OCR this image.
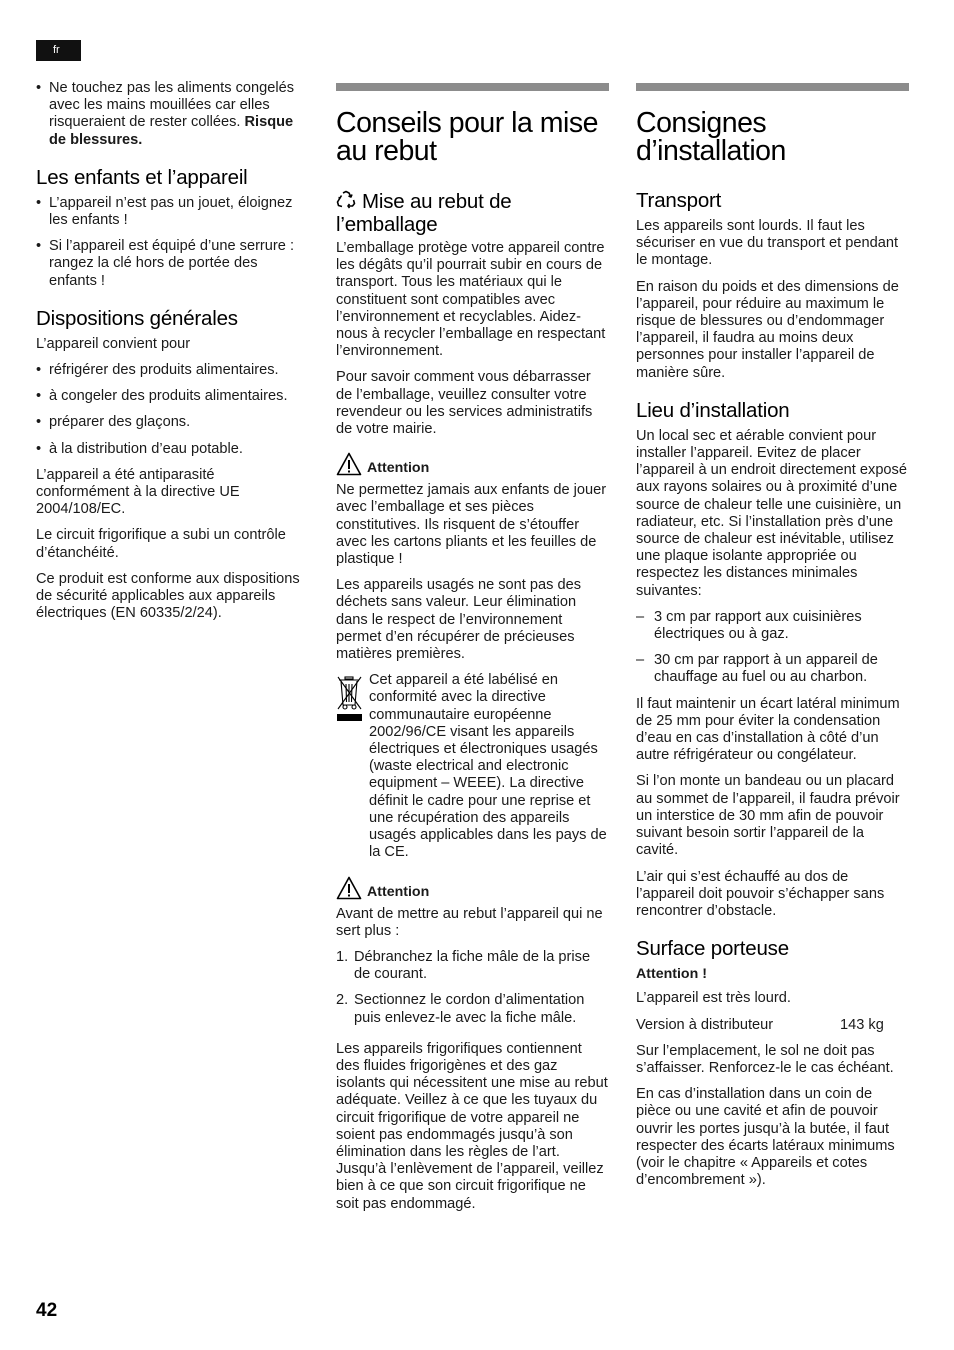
fr
• Ne touchez pas les aliments congelés avec les mains mouillées car elles risqueraient de rester collées. Risque de blessures.
Les enfants et l’appareil
• L’appareil n’est pas un jouet, éloignez les enfants !
• Si l’appareil est équipé d’une serrure : rangez la clé hors de portée des enfants !
Dispositions générales

L’appareil convient pour

• réfrigérer des produits alimentaires.
• à congeler des produits alimentaires.
• préparer des glaçons.
• à la distribution d’eau potable.

L’appareil a été antiparasité conformément à la directive UE 2004/108/EC.

Le circuit frigorifique a subi un contrôle d’étanchéité.

Ce produit est conforme aux dispositions de sécurité applicables aux appareils électriques (EN 60335/2/24).

Conseils pour la mise au rebut
Mise au rebut de l’emballage

L’emballage protège votre appareil contre les dégâts qu’il pourrait subir en cours de transport. Tous les matériaux qui le constituent sont compatibles avec l’environnement et recyclables. Aidez-nous à recycler l’emballage en respectant l’environnement.

Pour savoir comment vous débarrasser de l’emballage, veuillez consulter votre revendeur ou les services administratifs de votre mairie.

Attention

Ne permettez jamais aux enfants de jouer avec l’emballage et ses pièces constitutives. Ils risquent de s’étouffer avec les cartons pliants et les feuilles de plastique !

Les appareils usagés ne sont pas des déchets sans valeur. Leur élimination dans le respect de l’environnement permet d’en récupérer de précieuses matières premières.

Cet appareil a été labélisé en conformité avec la directive communautaire européenne 2002/96/CE visant les appareils électriques et électroniques usagés (waste electrical and electronic equipment – WEEE). La directive définit le cadre pour une reprise et une récupération des appareils usagés applicables dans les pays de la CE.
Attention

Avant de mettre au rebut l’appareil qui ne sert plus :

1. Débranchez la fiche mâle de la prise de courant.
2. Sectionnez le cordon d’alimentation puis enlevez-le avec la fiche mâle.

Les appareils frigorifiques contiennent des fluides frigorigènes et des gaz isolants qui nécessitent une mise au rebut adéquate. Veillez à ce que les tuyaux du circuit frigorifique de votre appareil ne soient pas endommagés jusqu’à son élimination dans les règles de l’art. Jusqu’à l’enlèvement de l’appareil, veillez bien à ce que son circuit frigorifique ne soit pas endommagé.

Consignes d’installation
Transport

Les appareils sont lourds. Il faut les sécuriser en vue du transport et pendant le montage.

En raison du poids et des dimensions de l’appareil, pour réduire au maximum le risque de blessures ou d’endommager l’appareil, il faudra au moins deux personnes pour installer l’appareil de manière sûre.

Lieu d’installation

Un local sec et aérable convient pour installer l’appareil. Evitez de placer l’appareil à un endroit directement exposé aux rayons solaires ou à proximité d’une source de chaleur telle une cuisinière, un radiateur, etc. Si l’installation près d’une source de chaleur est inévitable, utilisez une plaque isolante appropriée ou respectez les distances minimales suivantes:

– 3 cm par rapport aux cuisinières électriques ou à gaz.
– 30 cm par rapport à un appareil de chauffage au fuel ou au charbon.

Il faut maintenir un écart latéral minimum de 25 mm pour éviter la condensation d’eau en cas d’installation à côté d’un autre réfrigérateur ou congélateur.

Si l’on monte un bandeau ou un placard au sommet de l’appareil, il faudra prévoir un interstice de 30 mm afin de pouvoir suivant besoin sortir l’appareil de la cavité.

L’air qui s’est échauffé au dos de l’appareil doit pouvoir s’échapper sans rencontrer d’obstacle.

Surface porteuse
Attention !

L’appareil est très lourd.

Version à distributeur	143 kg

Sur l’emplacement, le sol ne doit pas s’affaisser. Renforcez-le le cas échéant.

En cas d’installation dans un coin de pièce ou une cavité et afin de pouvoir ouvrir les portes jusqu’à la butée, il faut respecter des écarts latéraux minimums (voir le chapitre « Appareils et cotes d’encombrement »).

42
